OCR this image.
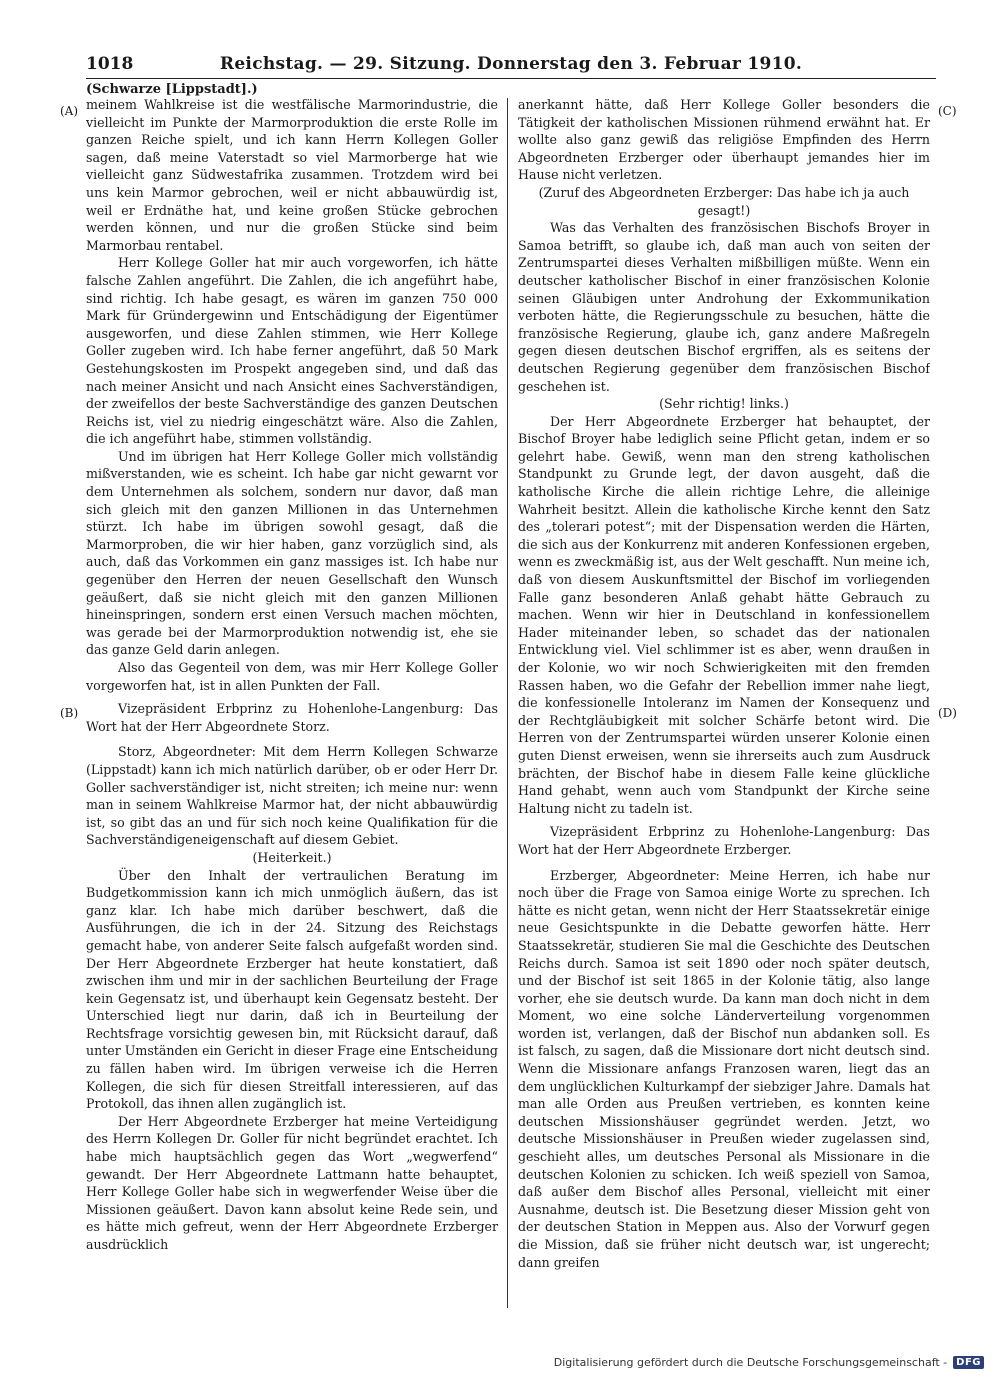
1018	Reichstag. — 29. Sitzung. Donnerstag den 3. Februar 1910.
(Schwarze [Lippstadt].)
(A)
(B)
(C)
(D)

meinem Wahlkreise ist die westfälische Marmorindustrie, die vielleicht im Punkte der Marmorproduktion die erste Rolle im ganzen Reiche spielt, und ich kann Herrn Kollegen Goller sagen, daß meine Vaterstadt so viel Marmorberge hat wie vielleicht ganz Südwestafrika zusammen. Trotzdem wird bei uns kein Marmor gebrochen, weil er nicht abbauwürdig ist, weil er Erdnäthe hat, und keine großen Stücke gebrochen werden können, und nur die großen Stücke sind beim Marmorbau rentabel.

Herr Kollege Goller hat mir auch vorgeworfen, ich hätte falsche Zahlen angeführt. Die Zahlen, die ich angeführt habe, sind richtig. Ich habe gesagt, es wären im ganzen 750 000 Mark für Gründergewinn und Entschädigung der Eigentümer ausgeworfen, und diese Zahlen stimmen, wie Herr Kollege Goller zugeben wird. Ich habe ferner angeführt, daß 50 Mark Gestehungskosten im Prospekt angegeben sind, und daß das nach meiner Ansicht und nach Ansicht eines Sachverständigen, der zweifellos der beste Sachverständige des ganzen Deutschen Reichs ist, viel zu niedrig eingeschätzt wäre. Also die Zahlen, die ich angeführt habe, stimmen vollständig.

Und im übrigen hat Herr Kollege Goller mich vollständig mißverstanden, wie es scheint. Ich habe gar nicht gewarnt vor dem Unternehmen als solchem, sondern nur davor, daß man sich gleich mit den ganzen Millionen in das Unternehmen stürzt. Ich habe im übrigen sowohl gesagt, daß die Marmorproben, die wir hier haben, ganz vorzüglich sind, als auch, daß das Vorkommen ein ganz massiges ist. Ich habe nur gegenüber den Herren der neuen Gesellschaft den Wunsch geäußert, daß sie nicht gleich mit den ganzen Millionen hineinspringen, sondern erst einen Versuch machen möchten, was gerade bei der Marmorproduktion notwendig ist, ehe sie das ganze Geld darin anlegen.

Also das Gegenteil von dem, was mir Herr Kollege Goller vorgeworfen hat, ist in allen Punkten der Fall.

Vizepräsident Erbprinz zu Hohenlohe-Langenburg: Das Wort hat der Herr Abgeordnete Storz.

Storz, Abgeordneter: Mit dem Herrn Kollegen Schwarze (Lippstadt) kann ich mich natürlich darüber, ob er oder Herr Dr. Goller sachverständiger ist, nicht streiten; ich meine nur: wenn man in seinem Wahlkreise Marmor hat, der nicht abbauwürdig ist, so gibt das an und für sich noch keine Qualifikation für die Sachverständigeneigenschaft auf diesem Gebiet.

(Heiterkeit.)

Über den Inhalt der vertraulichen Beratung im Budgetkommission kann ich mich unmöglich äußern, das ist ganz klar. Ich habe mich darüber beschwert, daß die Ausführungen, die ich in der 24. Sitzung des Reichstags gemacht habe, von anderer Seite falsch aufgefaßt worden sind. Der Herr Abgeordnete Erzberger hat heute konstatiert, daß zwischen ihm und mir in der sachlichen Beurteilung der Frage kein Gegensatz ist, und überhaupt kein Gegensatz besteht. Der Unterschied liegt nur darin, daß ich in Beurteilung der Rechtsfrage vorsichtig gewesen bin, mit Rücksicht darauf, daß unter Umständen ein Gericht in dieser Frage eine Entscheidung zu fällen haben wird. Im übrigen verweise ich die Herren Kollegen, die sich für diesen Streitfall interessieren, auf das Protokoll, das ihnen allen zugänglich ist.

Der Herr Abgeordnete Erzberger hat meine Verteidigung des Herrn Kollegen Dr. Goller für nicht begründet erachtet. Ich habe mich hauptsächlich gegen das Wort „wegwerfend“ gewandt. Der Herr Abgeordnete Lattmann hatte behauptet, Herr Kollege Goller habe sich in wegwerfender Weise über die Missionen geäußert. Davon kann absolut keine Rede sein, und es hätte mich gefreut, wenn der Herr Abgeordnete Erzberger ausdrücklich

anerkannt hätte, daß Herr Kollege Goller besonders die Tätigkeit der katholischen Missionen rühmend erwähnt hat. Er wollte also ganz gewiß das religiöse Empfinden des Herrn Abgeordneten Erzberger oder überhaupt jemandes hier im Hause nicht verletzen.

(Zuruf des Abgeordneten Erzberger: Das habe ich ja auch gesagt!)

Was das Verhalten des französischen Bischofs Broyer in Samoa betrifft, so glaube ich, daß man auch von seiten der Zentrumspartei dieses Verhalten mißbilligen müßte. Wenn ein deutscher katholischer Bischof in einer französischen Kolonie seinen Gläubigen unter Androhung der Exkommunikation verboten hätte, die Regierungsschule zu besuchen, hätte die französische Regierung, glaube ich, ganz andere Maßregeln gegen diesen deutschen Bischof ergriffen, als es seitens der deutschen Regierung gegenüber dem französischen Bischof geschehen ist.

(Sehr richtig! links.)

Der Herr Abgeordnete Erzberger hat behauptet, der Bischof Broyer habe lediglich seine Pflicht getan, indem er so gelehrt habe. Gewiß, wenn man den streng katholischen Standpunkt zu Grunde legt, der davon ausgeht, daß die katholische Kirche die allein richtige Lehre, die alleinige Wahrheit besitzt. Allein die katholische Kirche kennt den Satz des „tolerari potest“; mit der Dispensation werden die Härten, die sich aus der Konkurrenz mit anderen Konfessionen ergeben, wenn es zweckmäßig ist, aus der Welt geschafft. Nun meine ich, daß von diesem Auskunftsmittel der Bischof im vorliegenden Falle ganz besonderen Anlaß gehabt hätte Gebrauch zu machen. Wenn wir hier in Deutschland in konfessionellem Hader miteinander leben, so schadet das der nationalen Entwicklung viel. Viel schlimmer ist es aber, wenn draußen in der Kolonie, wo wir noch Schwierigkeiten mit den fremden Rassen haben, wo die Gefahr der Rebellion immer nahe liegt, die konfessionelle Intoleranz im Namen der Konsequenz und der Rechtgläubigkeit mit solcher Schärfe betont wird. Die Herren von der Zentrumspartei würden unserer Kolonie einen guten Dienst erweisen, wenn sie ihrerseits auch zum Ausdruck brächten, der Bischof habe in diesem Falle keine glückliche Hand gehabt, wenn auch vom Standpunkt der Kirche seine Haltung nicht zu tadeln ist.

Vizepräsident Erbprinz zu Hohenlohe-Langenburg: Das Wort hat der Herr Abgeordnete Erzberger.

Erzberger, Abgeordneter: Meine Herren, ich habe nur noch über die Frage von Samoa einige Worte zu sprechen. Ich hätte es nicht getan, wenn nicht der Herr Staatssekretär einige neue Gesichtspunkte in die Debatte geworfen hätte. Herr Staatssekretär, studieren Sie mal die Geschichte des Deutschen Reichs durch. Samoa ist seit 1890 oder noch später deutsch, und der Bischof ist seit 1865 in der Kolonie tätig, also lange vorher, ehe sie deutsch wurde. Da kann man doch nicht in dem Moment, wo eine solche Länderverteilung vorgenommen worden ist, verlangen, daß der Bischof nun abdanken soll. Es ist falsch, zu sagen, daß die Missionare dort nicht deutsch sind. Wenn die Missionare anfangs Franzosen waren, liegt das an dem unglücklichen Kulturkampf der siebziger Jahre. Damals hat man alle Orden aus Preußen vertrieben, es konnten keine deutschen Missionshäuser gegründet werden. Jetzt, wo deutsche Missionshäuser in Preußen wieder zugelassen sind, geschieht alles, um deutsches Personal als Missionare in die deutschen Kolonien zu schicken. Ich weiß speziell von Samoa, daß außer dem Bischof alles Personal, vielleicht mit einer Ausnahme, deutsch ist. Die Besetzung dieser Mission geht von der deutschen Station in Meppen aus. Also der Vorwurf gegen die Mission, daß sie früher nicht deutsch war, ist ungerecht; dann greifen

Digitalisierung gefördert durch die Deutsche Forschungsgemeinschaft - DFG
